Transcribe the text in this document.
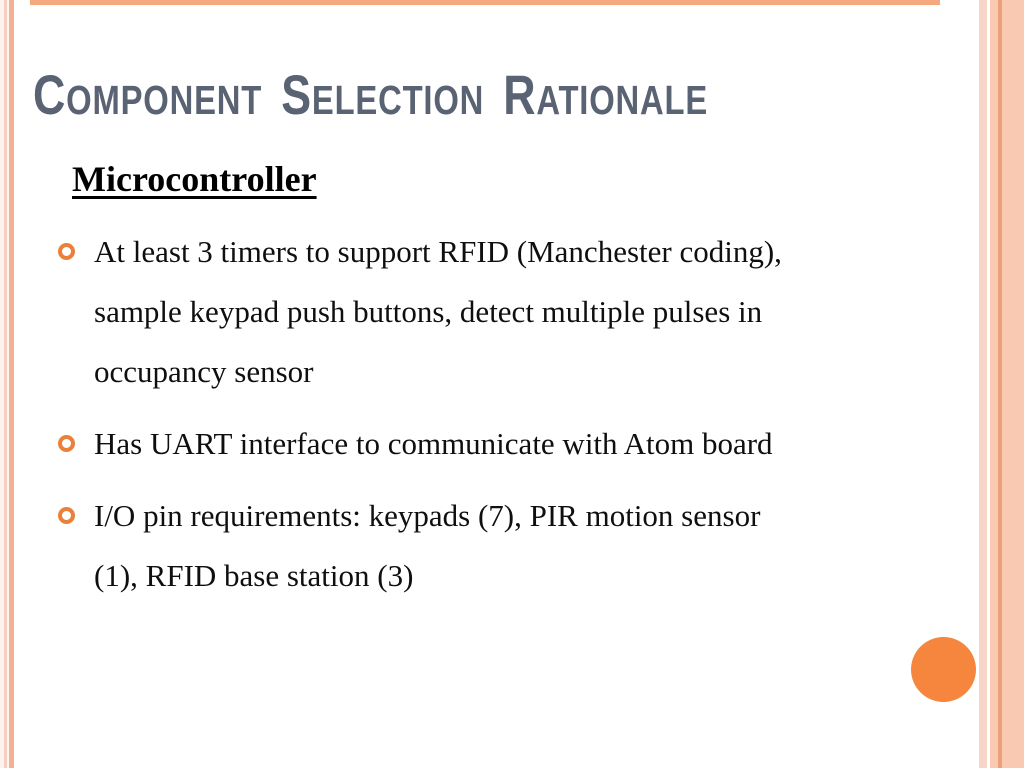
COMPONENT SELECTION RATIONALE
Microcontroller
At least 3 timers to support RFID (Manchester coding),
sample keypad push buttons, detect multiple pulses in
occupancy sensor
Has UART interface to communicate with Atom board
I/O pin requirements: keypads (7), PIR motion sensor
(1), RFID base station (3)
